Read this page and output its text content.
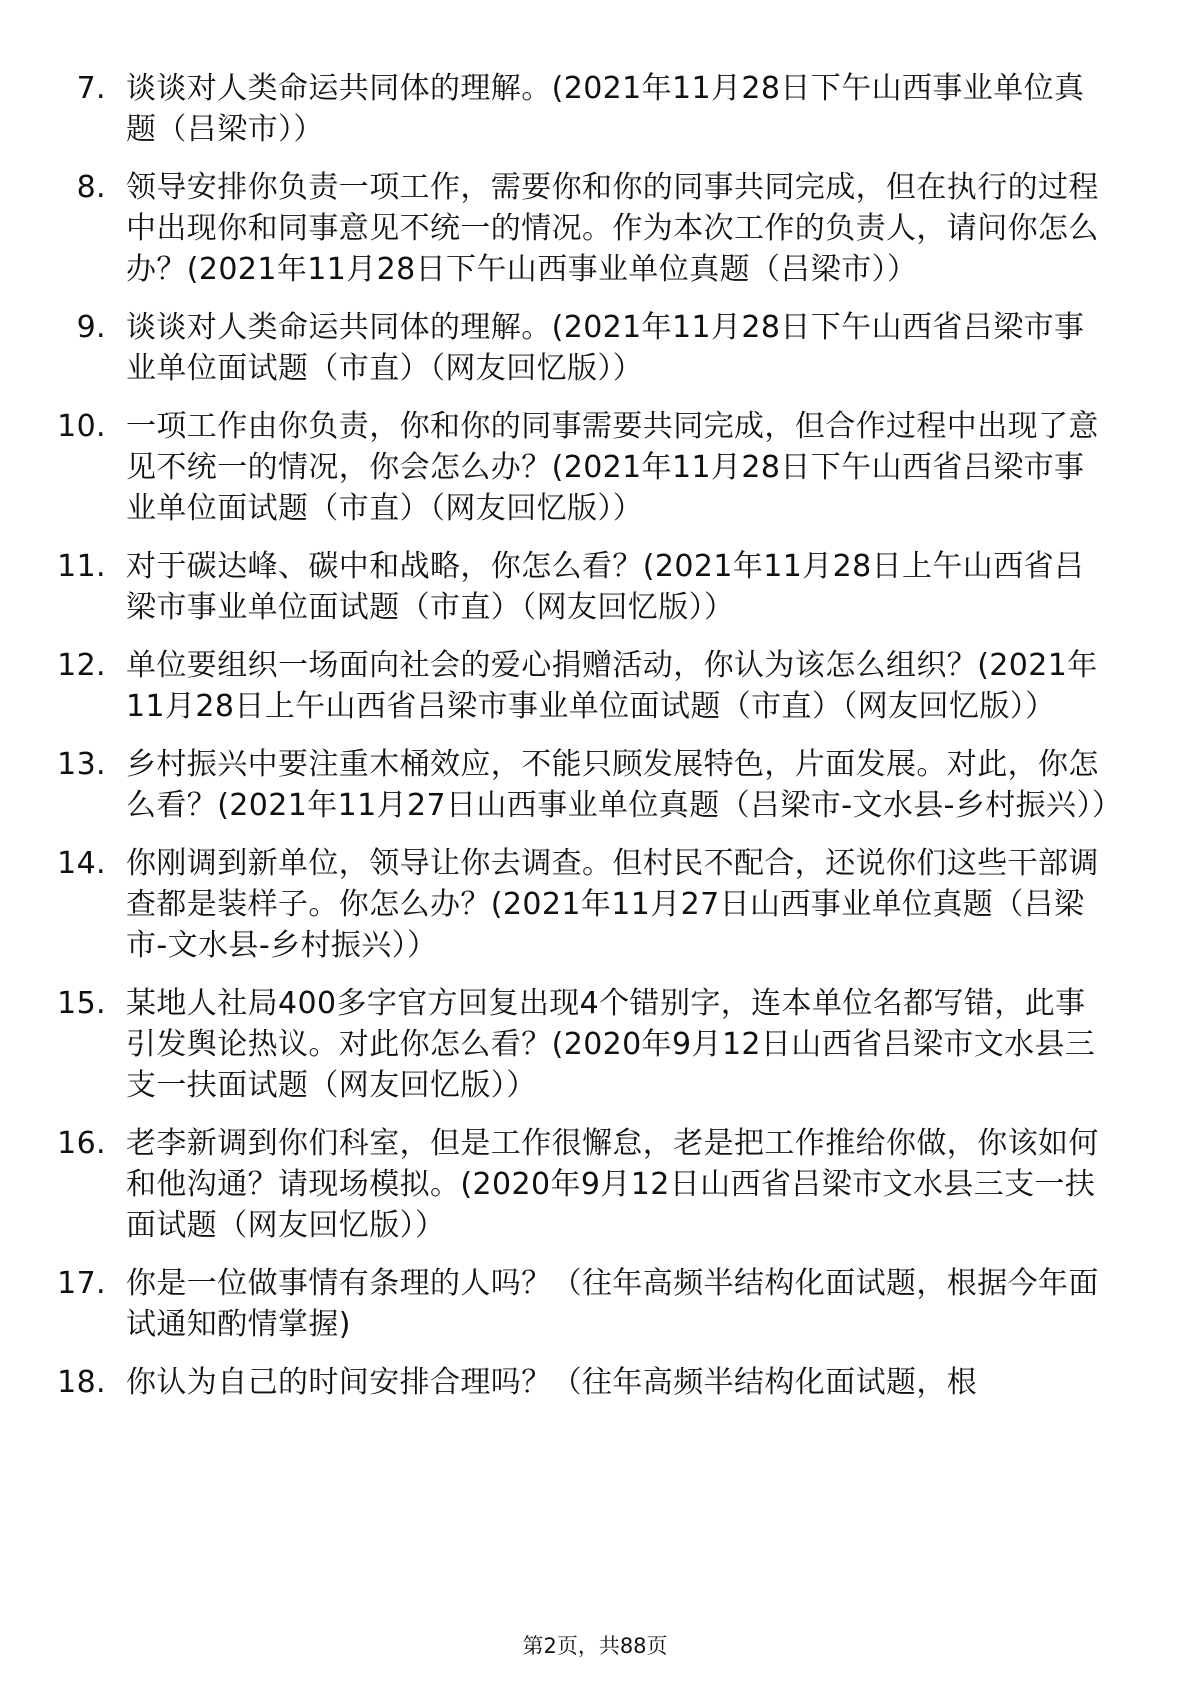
7. 谈谈对人类命运共同体的理解。(2021年11月28日下午山西事业单位真题（吕梁市））
8. 领导安排你负责一项工作，需要你和你的同事共同完成，但在执行的过程中出现你和同事意见不统一的情况。作为本次工作的负责人，请问你怎么办？(2021年11月28日下午山西事业单位真题（吕梁市））
9. 谈谈对人类命运共同体的理解。(2021年11月28日下午山西省吕梁市事业单位面试题（市直）（网友回忆版））
10. 一项工作由你负责，你和你的同事需要共同完成，但合作过程中出现了意见不统一的情况，你会怎么办？(2021年11月28日下午山西省吕梁市事业单位面试题（市直）（网友回忆版））
11. 对于碳达峰、碳中和战略，你怎么看？(2021年11月28日上午山西省吕梁市事业单位面试题（市直）（网友回忆版））
12. 单位要组织一场面向社会的爱心捐赠活动，你认为该怎么组织？(2021年11月28日上午山西省吕梁市事业单位面试题（市直）（网友回忆版））
13. 乡村振兴中要注重木桶效应，不能只顾发展特色，片面发展。对此，你怎么看？(2021年11月27日山西事业单位真题（吕梁市-文水县-乡村振兴））
14. 你刚调到新单位，领导让你去调查。但村民不配合，还说你们这些干部调查都是装样子。你怎么办？(2021年11月27日山西事业单位真题（吕梁市-文水县-乡村振兴））
15. 某地人社局400多字官方回复出现4个错别字，连本单位名都写错，此事引发舆论热议。对此你怎么看？(2020年9月12日山西省吕梁市文水县三支一扶面试题（网友回忆版））
16. 老李新调到你们科室，但是工作很懈怠，老是把工作推给你做，你该如何和他沟通？请现场模拟。(2020年9月12日山西省吕梁市文水县三支一扶面试题（网友回忆版））
17. 你是一位做事情有条理的人吗？（往年高频半结构化面试题，根据今年面试通知酌情掌握)
18. 你认为自己的时间安排合理吗？（往年高频半结构化面试题，根
第2页，共88页
